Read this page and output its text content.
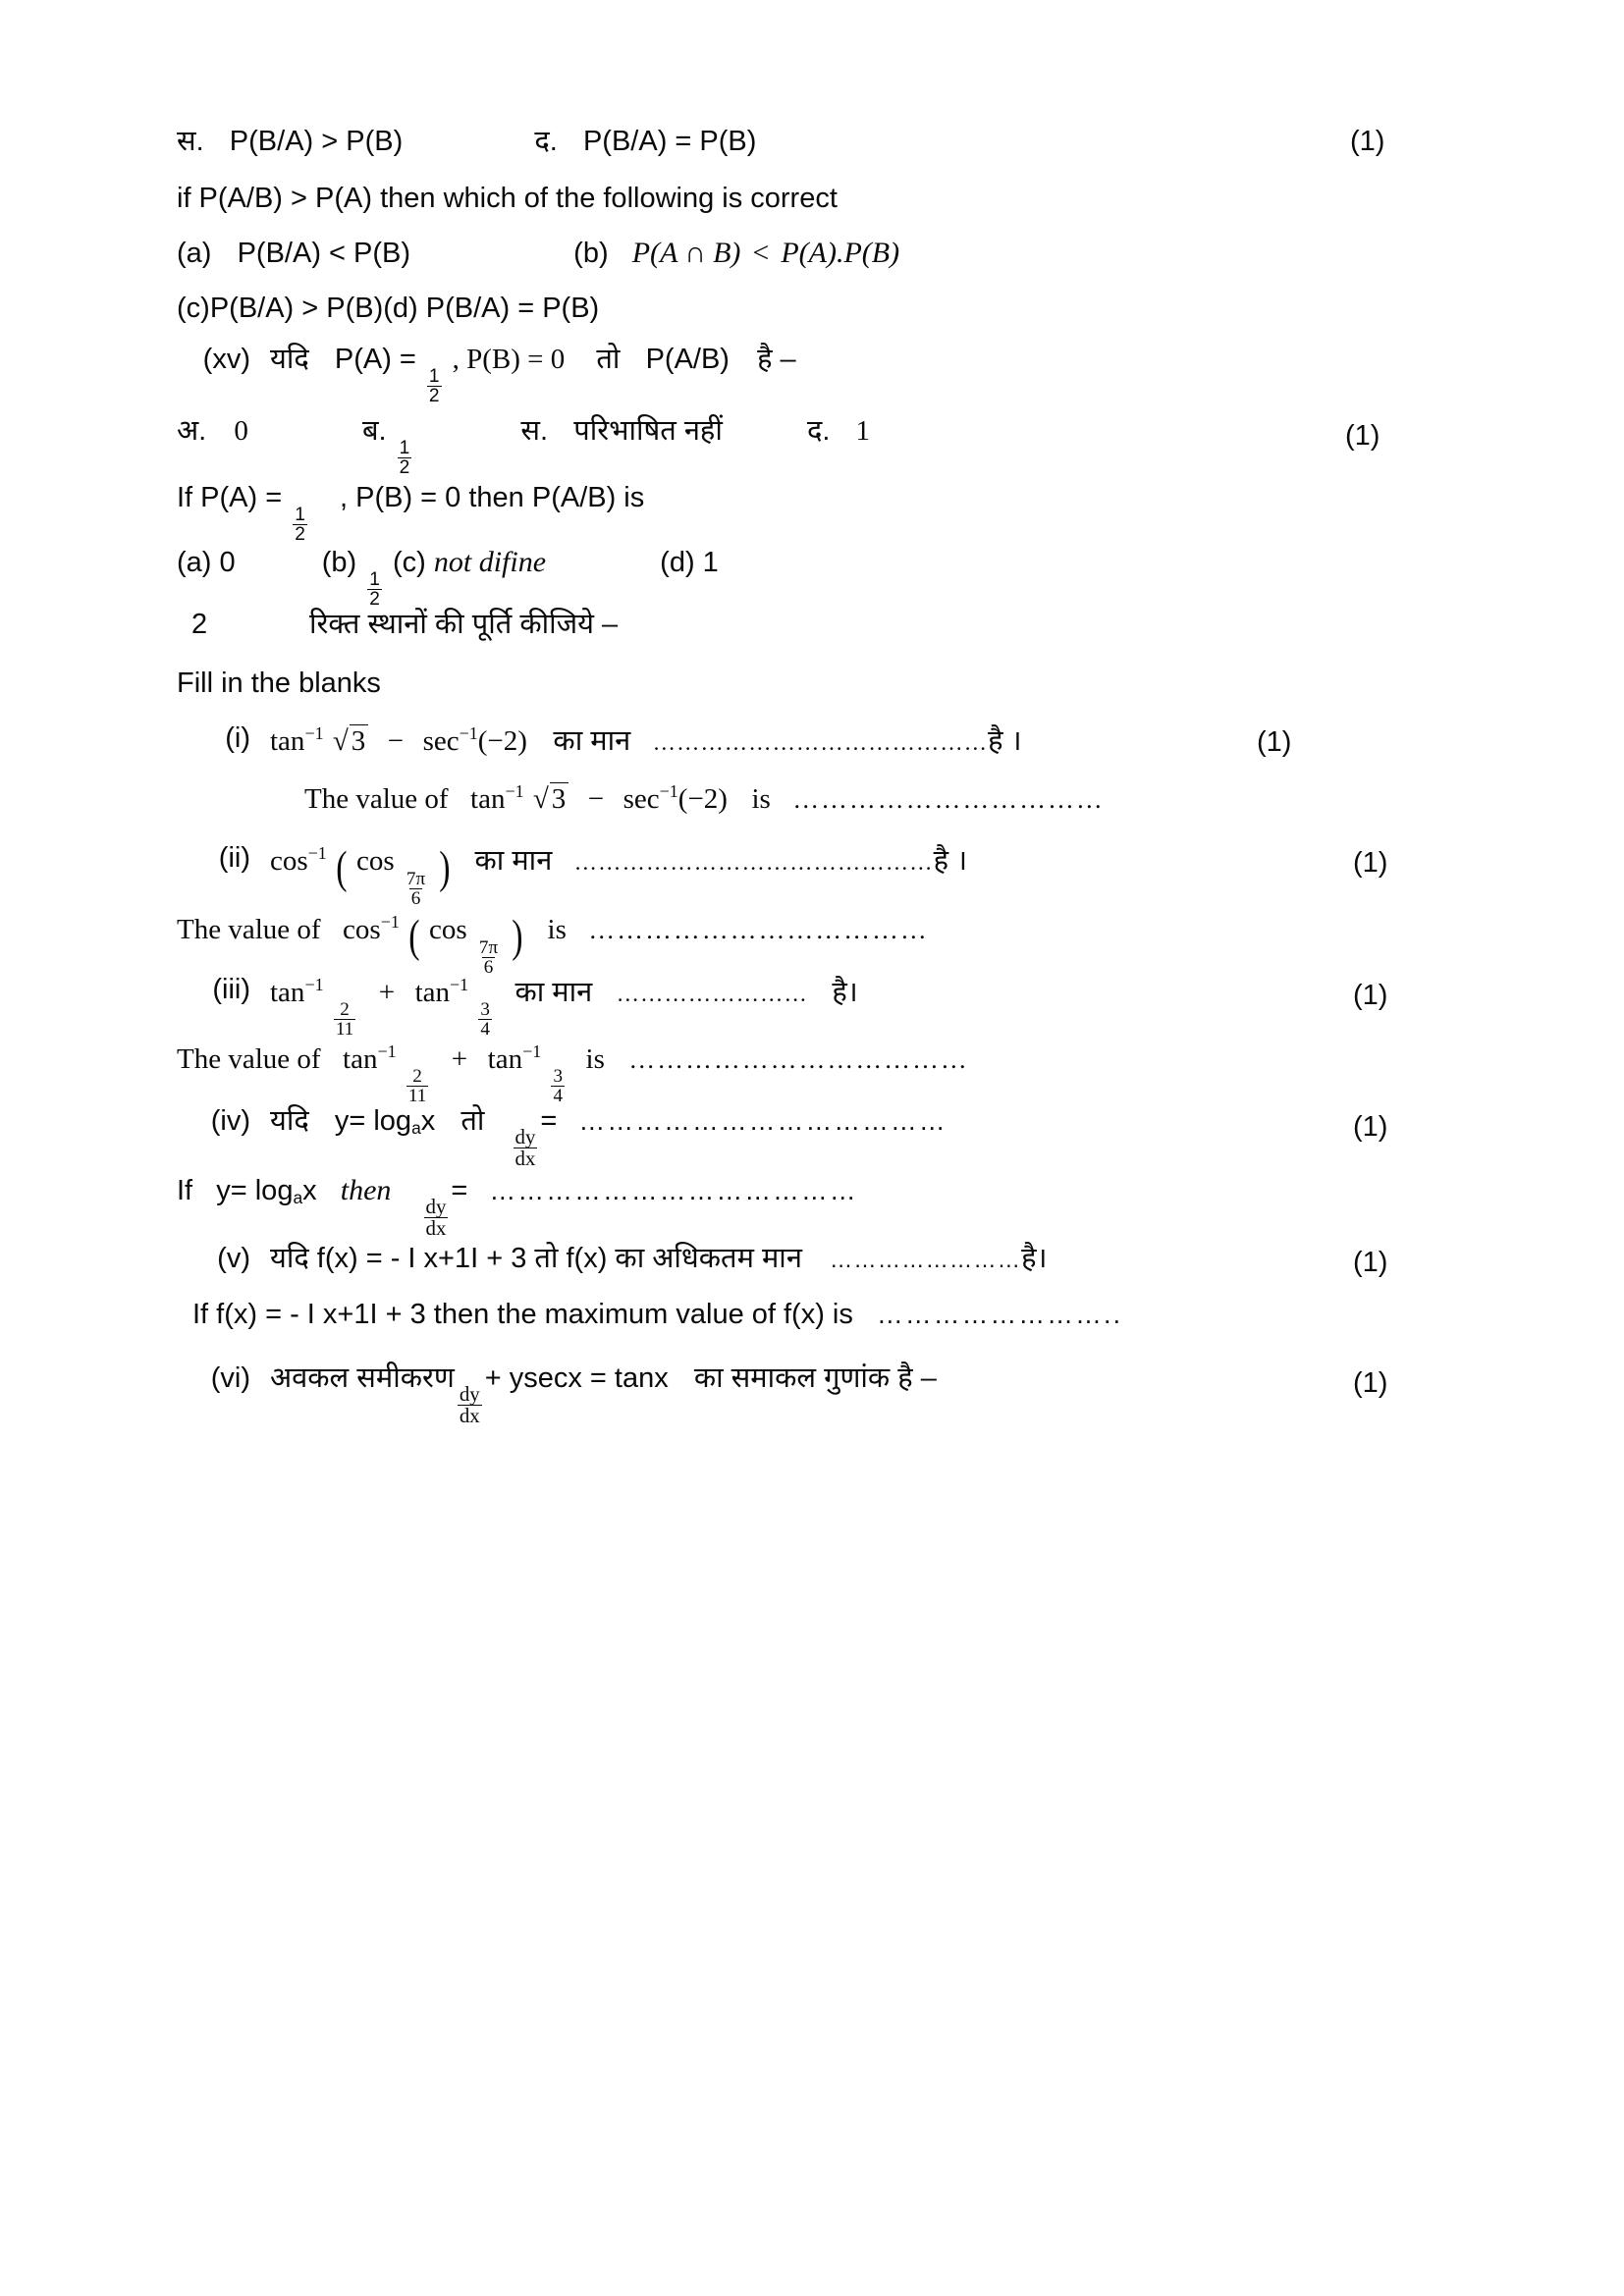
स. P(B/A) > P(B)	द. P(B/A) = P(B)	(1)
if P(A/B) > P(A) then which of the following is correct
(a) P(B/A) < P(B)	(b) P(A ∩ B) < P(A).P(B)
(c)P(B/A) > P(B)(d) P(B/A) = P(B)
(xv) यदि P(A) =
$\frac{1}{2}$
, P(B) = 0 तो P(A/B) है –
अ. 0	ब.
$\frac{1}{2}$
स. परिभाषित नहीं	द. 1	(1)
If P(A) =
$\frac{1}{2}$
, P(B) = 0 then P(A/B) is
(a) 0	(b)
$\frac{1}{2}$
(c) not difine	(d) 1
2	रिक्त स्थानों की पूर्ति कीजिये –
Fill in the blanks
(i) $\tan^{-1}$ √ $3 - \sec^{-1}(-2)$ का मान ……………………………………है ।	(1)
The value of $\tan^{-1}$ √ $3 - \sec^{-1}(-2)$ is ……………………………
(ii) $\cos^{-1}$ ( cos
$\frac{7\pi}{6}$ ) का मान ………………………………………है ।	(1)
The value of $\cos^{-1}$ ( cos
$\frac{7\pi}{6}$ ) is ………………………………
(iii) $\tan^{-1}$
$\frac{2}{11}$
+ $\tan^{-1}$
$\frac{3}{4}$
का मान …………………… है।	(1)
The value of $\tan^{-1}$
$\frac{2}{11}$
+ $\tan^{-1}$
$\frac{3}{4}$
is ………………………………
(iv) यदि $y= \log_ax$ तो
$\frac{dy}{dx}$
= …………………………………	(1)
If $y= \log_ax$ then
$\frac{dy}{dx}$
= …………………………………
(v) यदि f(x) = - I x+1I + 3 तो f(x) का अधिकतम मान ……………………है।	(1)
If f(x) = - I x+1I + 3 then the maximum value of f(x) is ……………………..
(vi) अवकल समीकरण
$\frac{dy}{dx}$
+ ysecx = tanx का समाकल गुणांक है –	(1)
